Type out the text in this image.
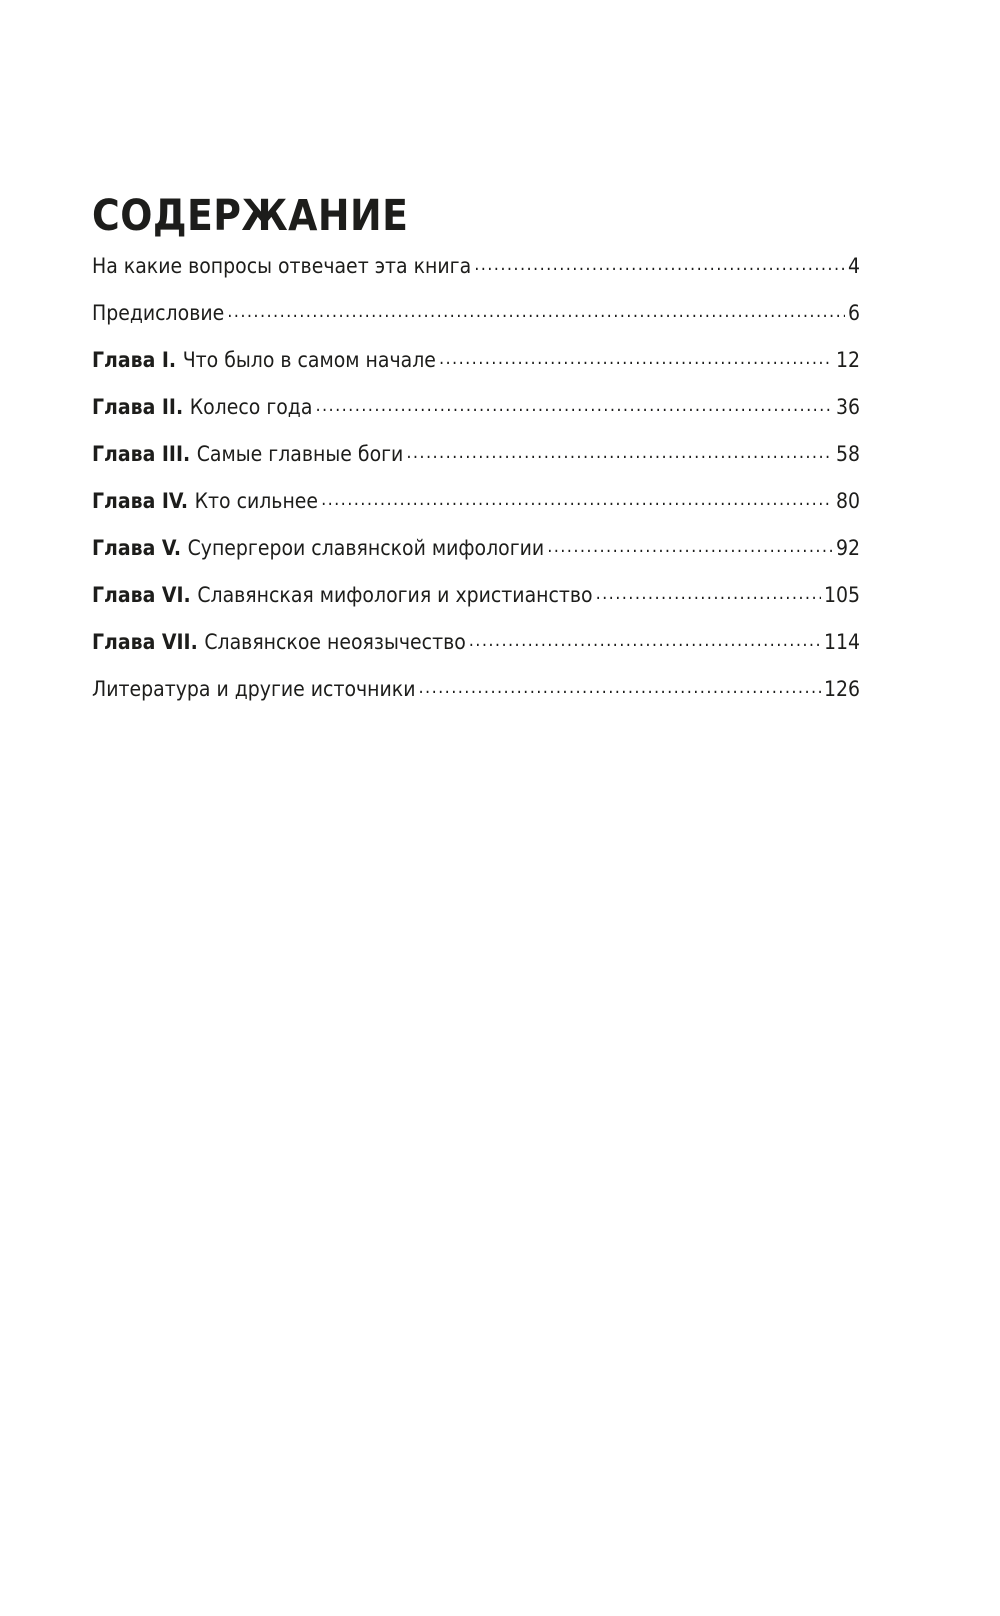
СОДЕРЖАНИЕ
На какие вопросы отвечает эта книга .....	4
Предисловие .....	6
Глава I. Что было в самом начале .....	12
Глава II. Колесо года .....	36
Глава III. Самые главные боги .....	58
Глава IV. Кто сильнее .....	80
Глава V. Супергерои славянской мифологии .....	92
Глава VI. Славянская мифология и христианство .....	105
Глава VII. Славянское неоязычество .....	114
Литература и другие источники .....	126
